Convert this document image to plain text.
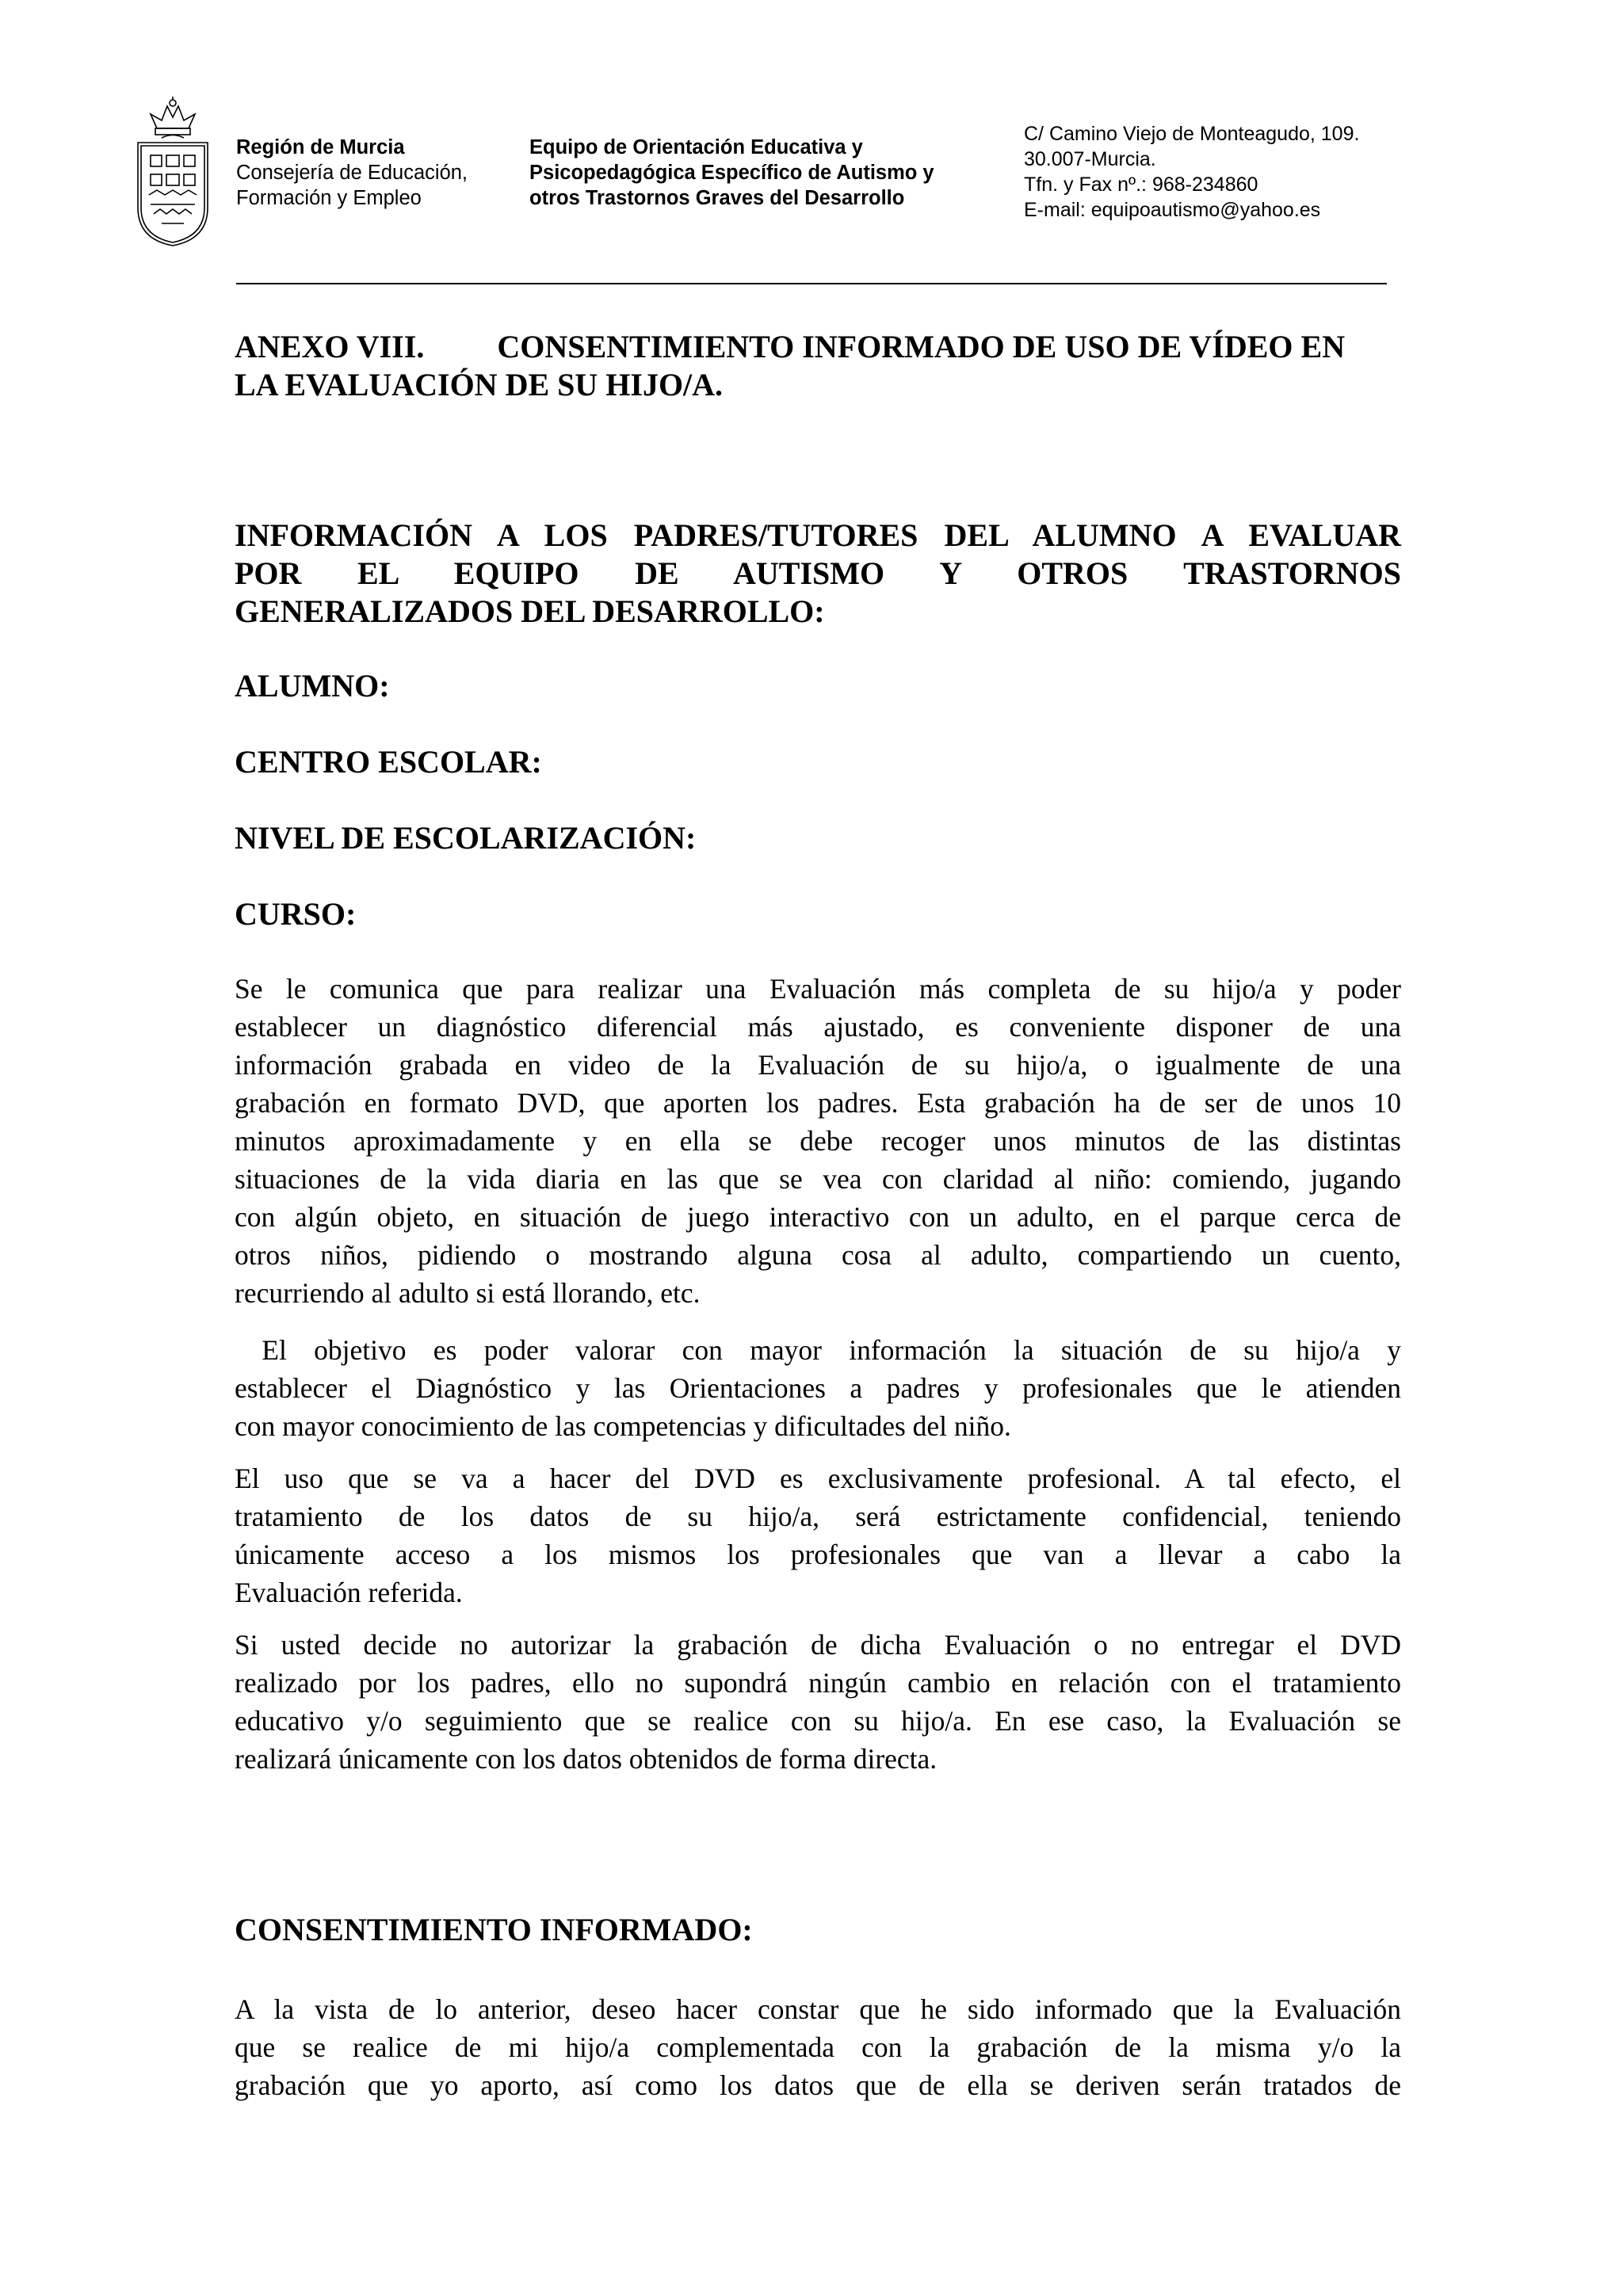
Región de Murcia
Consejería de Educación,
Formación y Empleo
Equipo de Orientación Educativa y
Psicopedagógica Específico de Autismo y
otros Trastornos Graves del Desarrollo
C/ Camino Viejo de Monteagudo, 109.
30.007-Murcia.
Tfn. y Fax nº.: 968-234860
E-mail: equipoautismo@yahoo.es
ANEXO VIII. CONSENTIMIENTO INFORMADO DE USO DE VÍDEO EN
LA EVALUACIÓN DE SU HIJO/A.
INFORMACIÓN A LOS PADRES/TUTORES DEL ALUMNO A EVALUAR
POR EL EQUIPO DE AUTISMO Y OTROS TRASTORNOS
GENERALIZADOS DEL DESARROLLO:
ALUMNO:
CENTRO ESCOLAR:
NIVEL DE ESCOLARIZACIÓN:
CURSO:
Se le comunica que para realizar una Evaluación más completa de su hijo/a y poder
establecer un diagnóstico diferencial más ajustado, es conveniente disponer de una
información grabada en video de la Evaluación de su hijo/a, o igualmente de una
grabación en formato DVD, que aporten los padres. Esta grabación ha de ser de unos 10
minutos aproximadamente y en ella se debe recoger unos minutos de las distintas
situaciones de la vida diaria en las que se vea con claridad al niño: comiendo, jugando
con algún objeto, en situación de juego interactivo con un adulto, en el parque cerca de
otros niños, pidiendo o mostrando alguna cosa al adulto, compartiendo un cuento,
recurriendo al adulto si está llorando, etc.
El objetivo es poder valorar con mayor información la situación de su hijo/a y
establecer el Diagnóstico y las Orientaciones a padres y profesionales que le atienden
con mayor conocimiento de las competencias y dificultades del niño.
El uso que se va a hacer del DVD es exclusivamente profesional. A tal efecto, el
tratamiento de los datos de su hijo/a, será estrictamente confidencial, teniendo
únicamente acceso a los mismos los profesionales que van a llevar a cabo la
Evaluación referida.
Si usted decide no autorizar la grabación de dicha Evaluación o no entregar el DVD
realizado por los padres, ello no supondrá ningún cambio en relación con el tratamiento
educativo y/o seguimiento que se realice con su hijo/a. En ese caso, la Evaluación se
realizará únicamente con los datos obtenidos de forma directa.
CONSENTIMIENTO INFORMADO:
A la vista de lo anterior, deseo hacer constar que he sido informado que la Evaluación
que se realice de mi hijo/a complementada con la grabación de la misma y/o la
grabación que yo aporto, así como los datos que de ella se deriven serán tratados de
